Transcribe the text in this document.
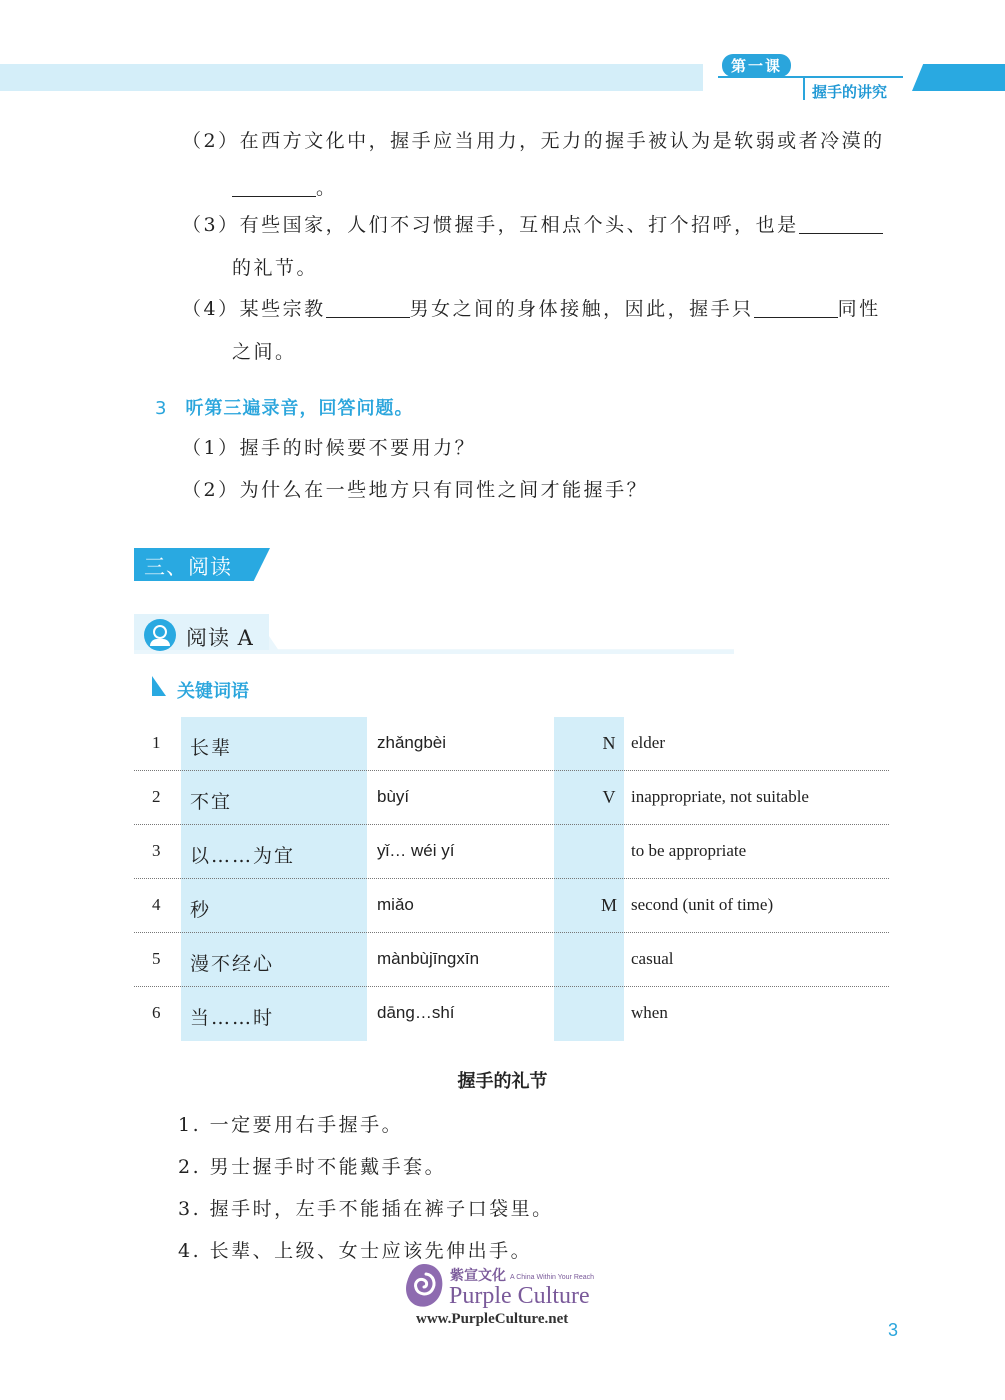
第一课
握手的讲究
（2）在西方文化中，握手应当用力，无力的握手被认为是软弱或者冷漠的
。
（3）有些国家，人们不习惯握手，互相点个头、打个招呼，也是
的礼节。
（4）某些宗教	男女之间的身体接触，因此，握手只	同性
之间。
3 听第三遍录音，回答问题。
（1）握手的时候要不要用力？
（2）为什么在一些地方只有同性之间才能握手？
三、阅读
阅读 A
关键词语
1 长辈	zhǎngbèi	N elder
2 不宜	bùyí	V inappropriate, not suitable
3 以……为宜	yǐ… wéi yí	to be appropriate
4 秒	miǎo	M second (unit of time)
5 漫不经心	mànbùjīngxīn	casual
6 当……时	dāng…shí	when
握手的礼节
1. 一定要用右手握手。
2. 男士握手时不能戴手套。
3. 握手时，左手不能插在裤子口袋里。
4. 长辈、上级、女士应该先伸出手。
紫宣文化 A China Within Your Reach
Purple Culture
www.PurpleCulture.net
3
